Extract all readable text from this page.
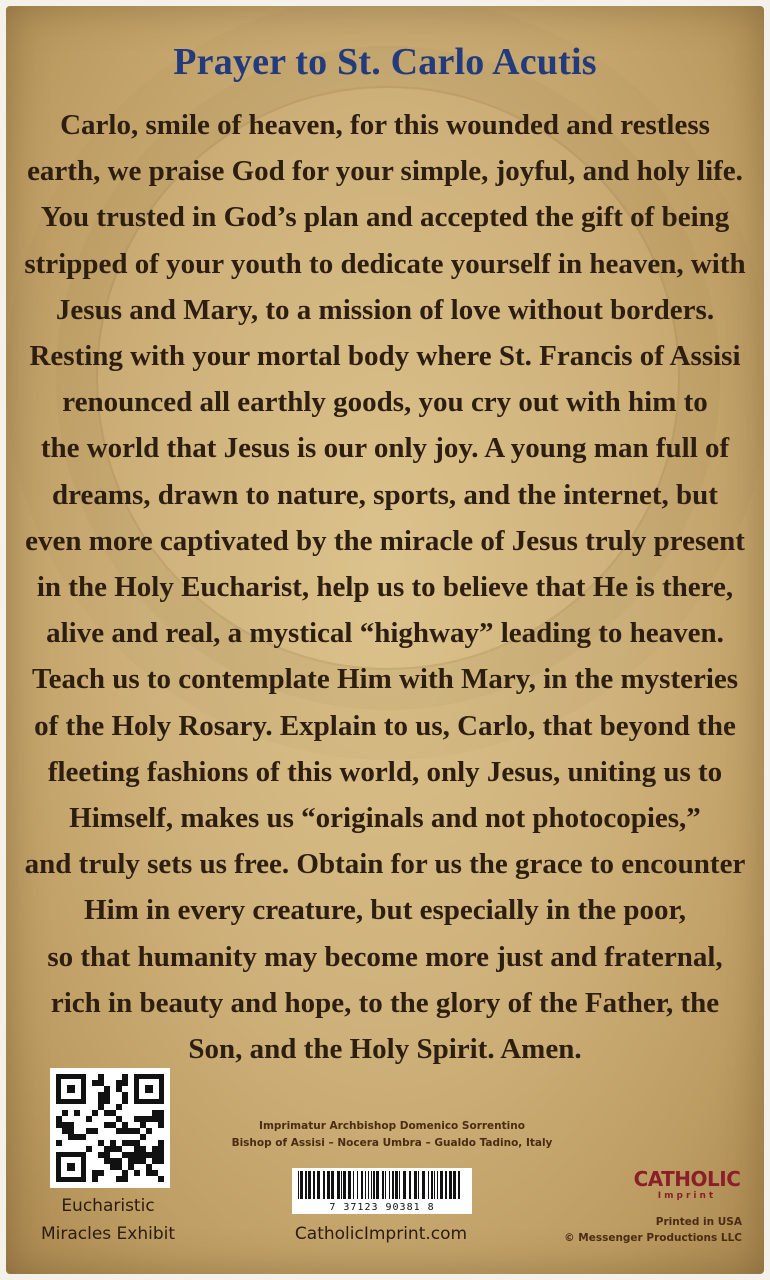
Prayer to St. Carlo Acutis
Carlo, smile of heaven, for this wounded and restless
earth, we praise God for your simple, joyful, and holy life.
You trusted in God’s plan and accepted the gift of being
stripped of your youth to dedicate yourself in heaven, with
Jesus and Mary, to a mission of love without borders.
Resting with your mortal body where St. Francis of Assisi
renounced all earthly goods, you cry out with him to
the world that Jesus is our only joy. A young man full of
dreams, drawn to nature, sports, and the internet, but
even more captivated by the miracle of Jesus truly present
in the Holy Eucharist, help us to believe that He is there,
alive and real, a mystical “highway” leading to heaven.
Teach us to contemplate Him with Mary, in the mysteries
of the Holy Rosary. Explain to us, Carlo, that beyond the
fleeting fashions of this world, only Jesus, uniting us to
Himself, makes us “originals and not photocopies,”
and truly sets us free. Obtain for us the grace to encounter
Him in every creature, but especially in the poor,
so that humanity may become more just and fraternal,
rich in beauty and hope, to the glory of the Father, the
Son, and the Holy Spirit. Amen.
Eucharistic
Miracles Exhibit
Imprimatur Archbishop Domenico Sorrentino
Bishop of Assisi – Nocera Umbra – Gualdo Tadino, Italy
7 37123 90381 8
CatholicImprint.com
CATHOLIC
Imprint
Printed in USA
© Messenger Productions LLC
